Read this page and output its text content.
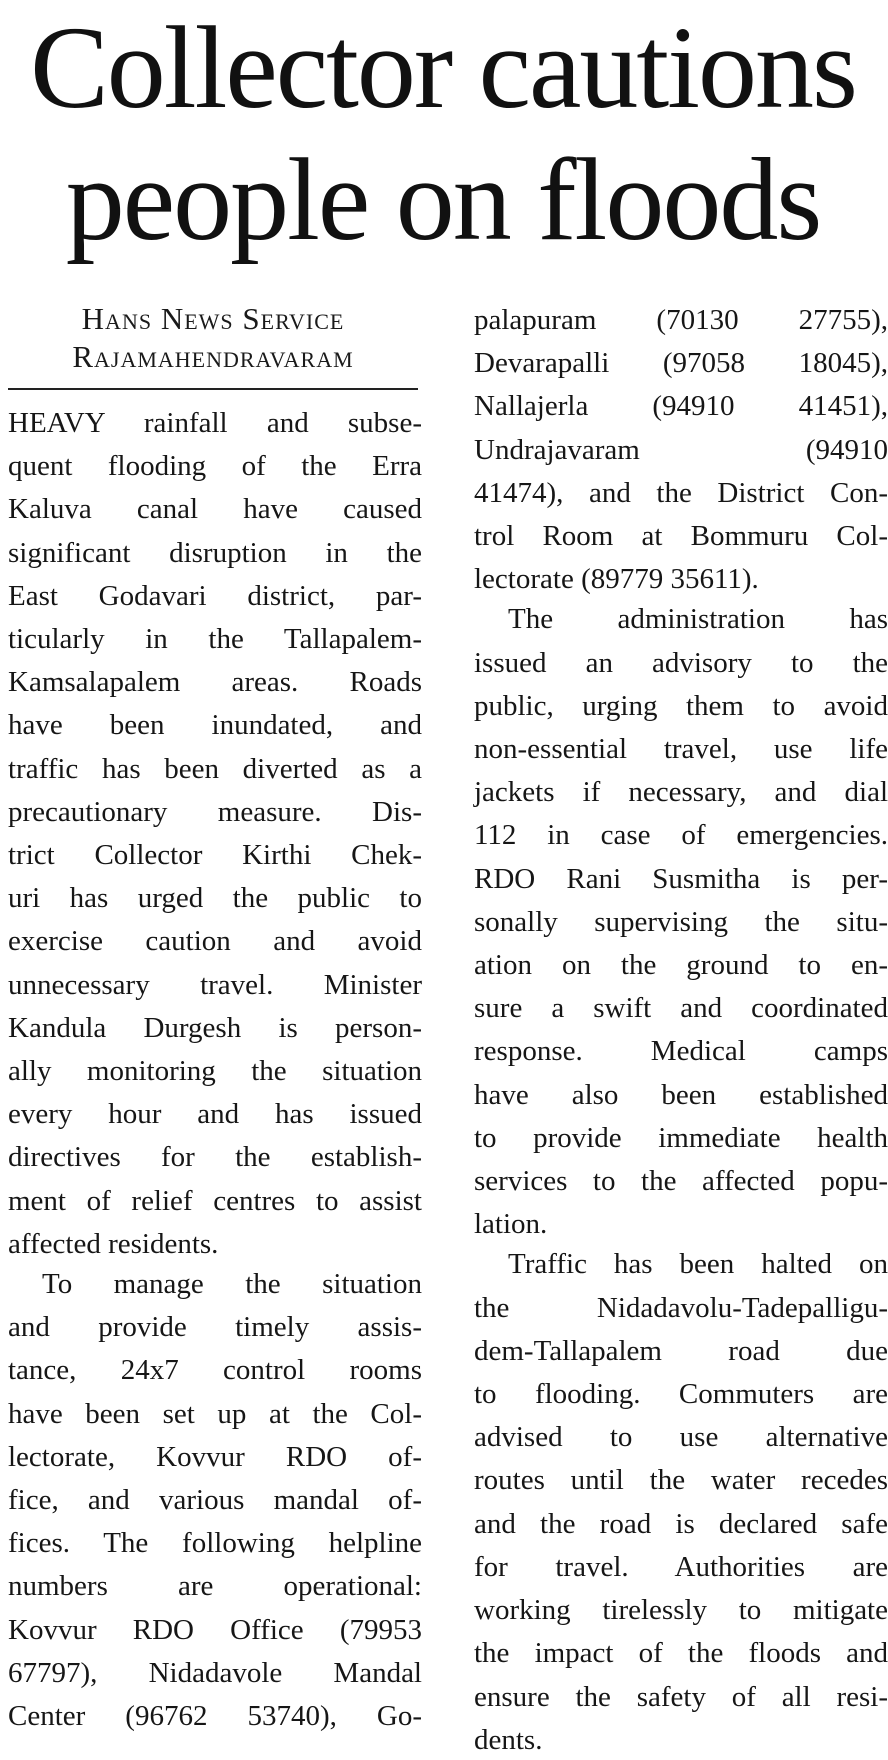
Collector cautions
people on floods
Hans News Service
Rajamahendravaram

HEAVY rainfall and subse-

quent flooding of the Erra

Kaluva canal have caused

significant disruption in the

East Godavari district, par-

ticularly in the Tallapalem-

Kamsalapalem areas. Roads

have been inundated, and

traffic has been diverted as a

precautionary measure. Dis-

trict Collector Kirthi Chek-

uri has urged the public to

exercise caution and avoid

unnecessary travel. Minister

Kandula Durgesh is person-

ally monitoring the situation

every hour and has issued

directives for the establish-

ment of relief centres to assist

affected residents.

To manage the situation

and provide timely assis-

tance, 24x7 control rooms

have been set up at the Col-

lectorate, Kovvur RDO of-

fice, and various mandal of-

fices. The following helpline

numbers are operational:

Kovvur RDO Office (79953

67797), Nidadavole Mandal

Center (96762 53740), Go-

palapuram (70130 27755),

Devarapalli (97058 18045),

Nallajerla (94910 41451),

Undrajavaram (94910

41474), and the District Con-

trol Room at Bommuru Col-

lectorate (89779 35611).

The administration has

issued an advisory to the

public, urging them to avoid

non-essential travel, use life

jackets if necessary, and dial

112 in case of emergencies.

RDO Rani Susmitha is per-

sonally supervising the situ-

ation on the ground to en-

sure a swift and coordinated

response. Medical camps

have also been established

to provide immediate health

services to the affected popu-

lation.

Traffic has been halted on

the Nidadavolu-Tadepalligu-

dem-Tallapalem road due

to flooding. Commuters are

advised to use alternative

routes until the water recedes

and the road is declared safe

for travel. Authorities are

working tirelessly to mitigate

the impact of the floods and

ensure the safety of all resi-

dents.
